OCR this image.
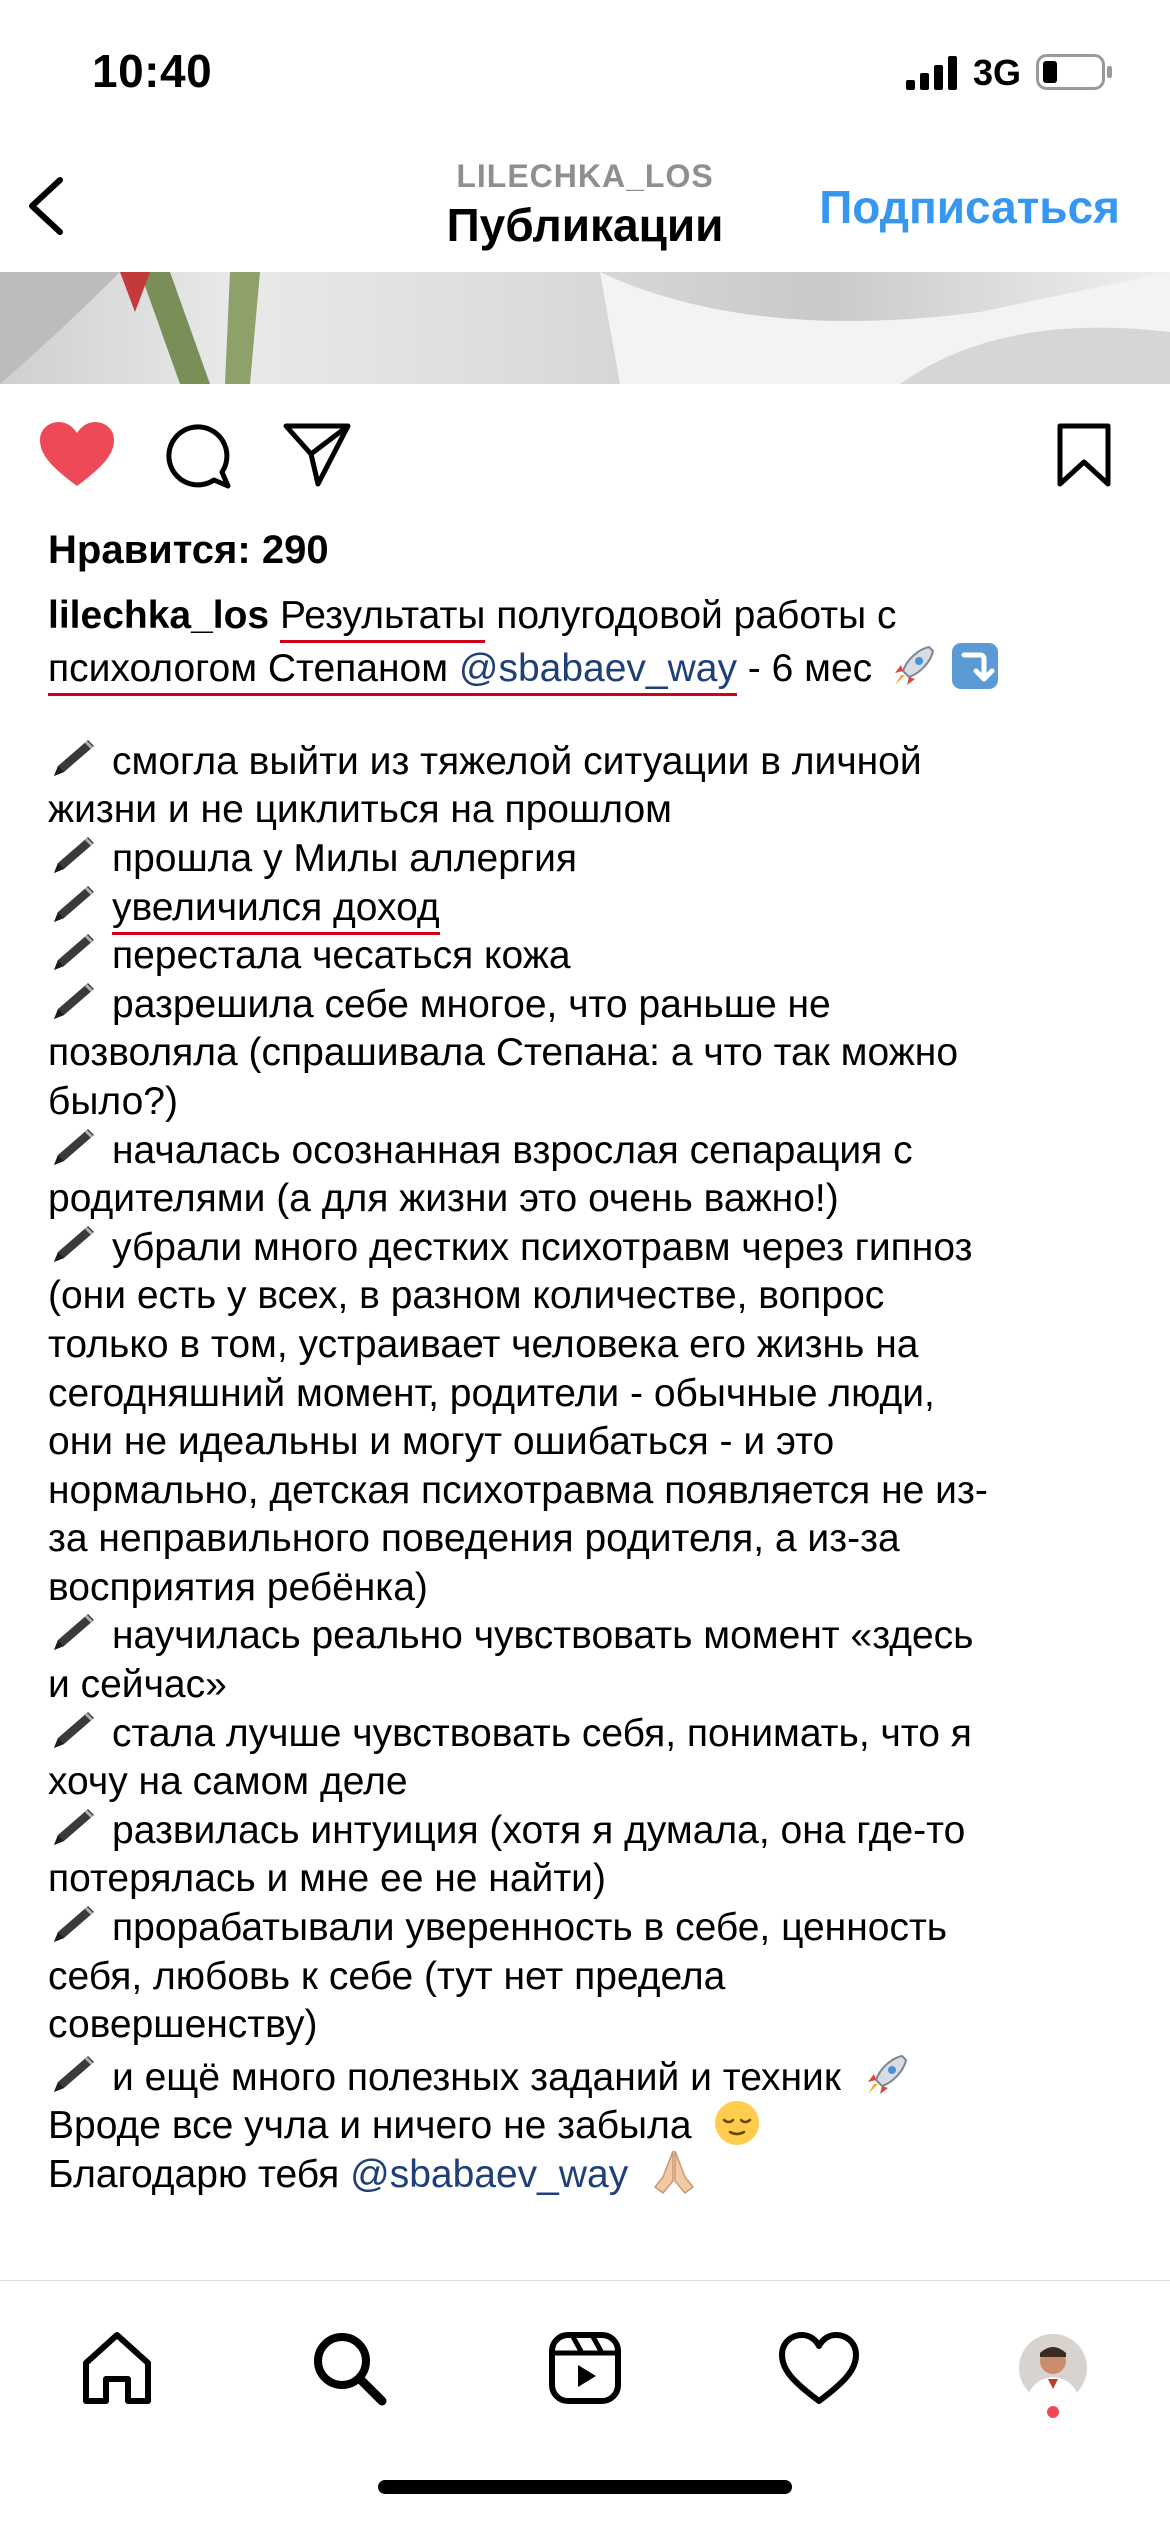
10:40	3G
LILECHKA_LOS
Публикации	Подписаться
Нравится: 290
lilechka_los Результаты полугодовой работы с
психологом Степаном @sbabaev_way - 6 мес
смогла выйти из тяжелой ситуации в личной
жизни и не циклиться на прошлом
прошла у Милы аллергия
увеличился доход
перестала чесаться кожа
разрешила себе многое, что раньше не
позволяла (спрашивала Степана: а что так можно
было?)
началась осознанная взрослая сепарация с
родителями (а для жизни это очень важно!)
убрали много дестких психотравм через гипноз
(они есть у всех, в разном количестве, вопрос
только в том, устраивает человека его жизнь на
сегодняшний момент, родители - обычные люди,
они не идеальны и могут ошибаться - и это
нормально, детская психотравма появляется не из-
за неправильного поведения родителя, а из-за
восприятия ребёнка)
научилась реально чувствовать момент «здесь
и сейчас»
стала лучше чувствовать себя, понимать, что я
хочу на самом деле
развилась интуиция (хотя я думала, она где-то
потерялась и мне ее не найти)
прорабатывали уверенность в себе, ценность
себя, любовь к себе (тут нет предела
совершенству)
и ещё много полезных заданий и техник
Вроде все учла и ничего не забыла
Благодарю тебя @sbabaev_way
